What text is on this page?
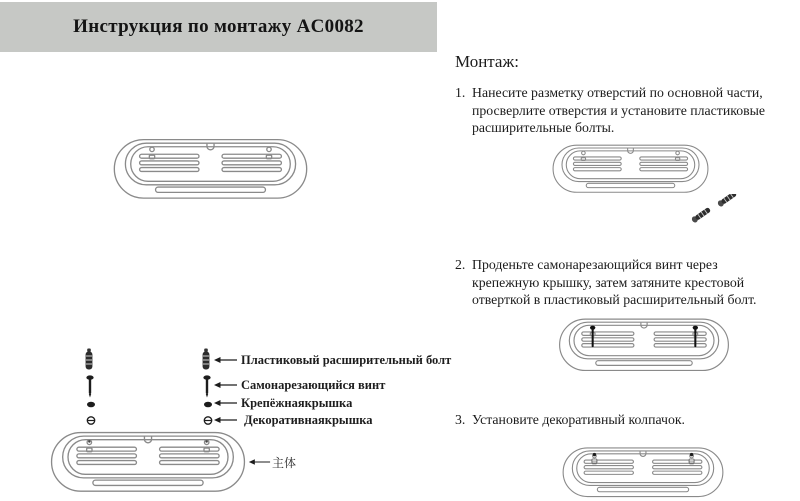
Инструкция по монтажу AC0082
Пластиковый расширительный болт
Самонарезающийся винт
Крепёжнаякрышка
Декоративнаякрышка
主体
Монтаж:
1. Нанесите разметку отверстий по основной части, просверлите отверстия и установите пластиковые расширительные болты.
2. Проденьте самонарезающийся винт через крепежную крышку, затем затяните крестовой отверткой в пластиковый расширительный болт.
3. Установите декоративный колпачок.
